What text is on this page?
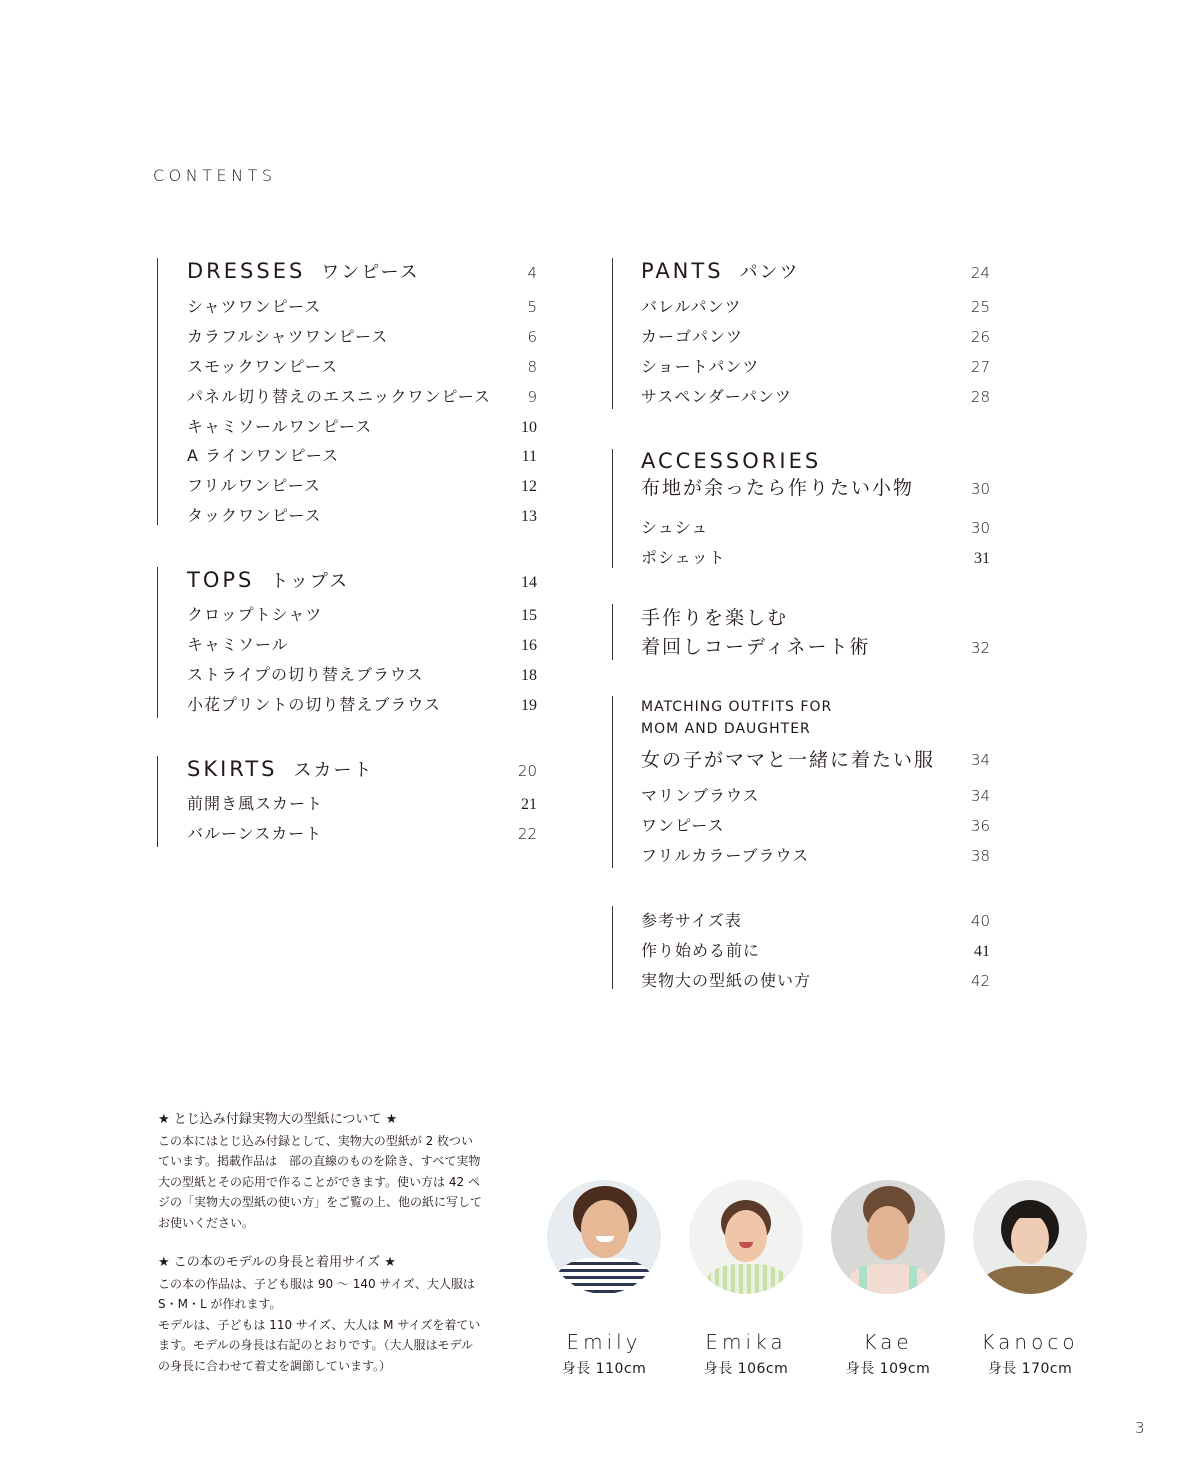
CONTENTS
DRESSES ワンピース	4
シャツワンピース	5
カラフルシャツワンピース	6
スモックワンピース	8
パネル切り替えのエスニックワンピース	9
キャミソールワンピース	10
A ラインワンピース	11
フリルワンピース	12
タックワンピース	13
TOPS トップス	14
クロップトシャツ	15
キャミソール	16
ストライプの切り替えブラウス	18
小花プリントの切り替えブラウス	19
SKIRTS スカート	20
前開き風スカート	21
バルーンスカート	22
PANTS パンツ	24
バレルパンツ	25
カーゴパンツ	26
ショートパンツ	27
サスペンダーパンツ	28
ACCESSORIES
布地が余ったら作りたい小物	30
シュシュ	30
ポシェット	31
手作りを楽しむ
着回しコーディネート術	32
MATCHING OUTFITS FOR
MOM AND DAUGHTER
女の子がママと一緒に着たい服	34
マリンブラウス	34
ワンピース	36
フリルカラーブラウス	38
参考サイズ表	40
作り始める前に	41
実物大の型紙の使い方	42
★ とじ込み付録実物大の型紙について ★
この本にはとじ込み付録として、実物大の型紙が 2 枚ついています。掲載作品は　部の直線のものを除き、すべて実物大の型紙とその応用で作ることができます。使い方は 42 ペ　ジの「実物大の型紙の使い方」をご覧の上、他の紙に写してお使いください。
★ この本のモデルの身長と着用サイズ ★
この本の作品は、子ども服は 90 ～ 140 サイズ、大人服は S・M・L が作れます。
モデルは、子どもは 110 サイズ、大人は M サイズを着ています。モデルの身長は右記のとおりです。（大人服はモデルの身長に合わせて着丈を調節しています。）
Emily
身長 110cm
Emika
身長 106cm
Kae
身長 109cm
Kanoco
身長 170cm
3
